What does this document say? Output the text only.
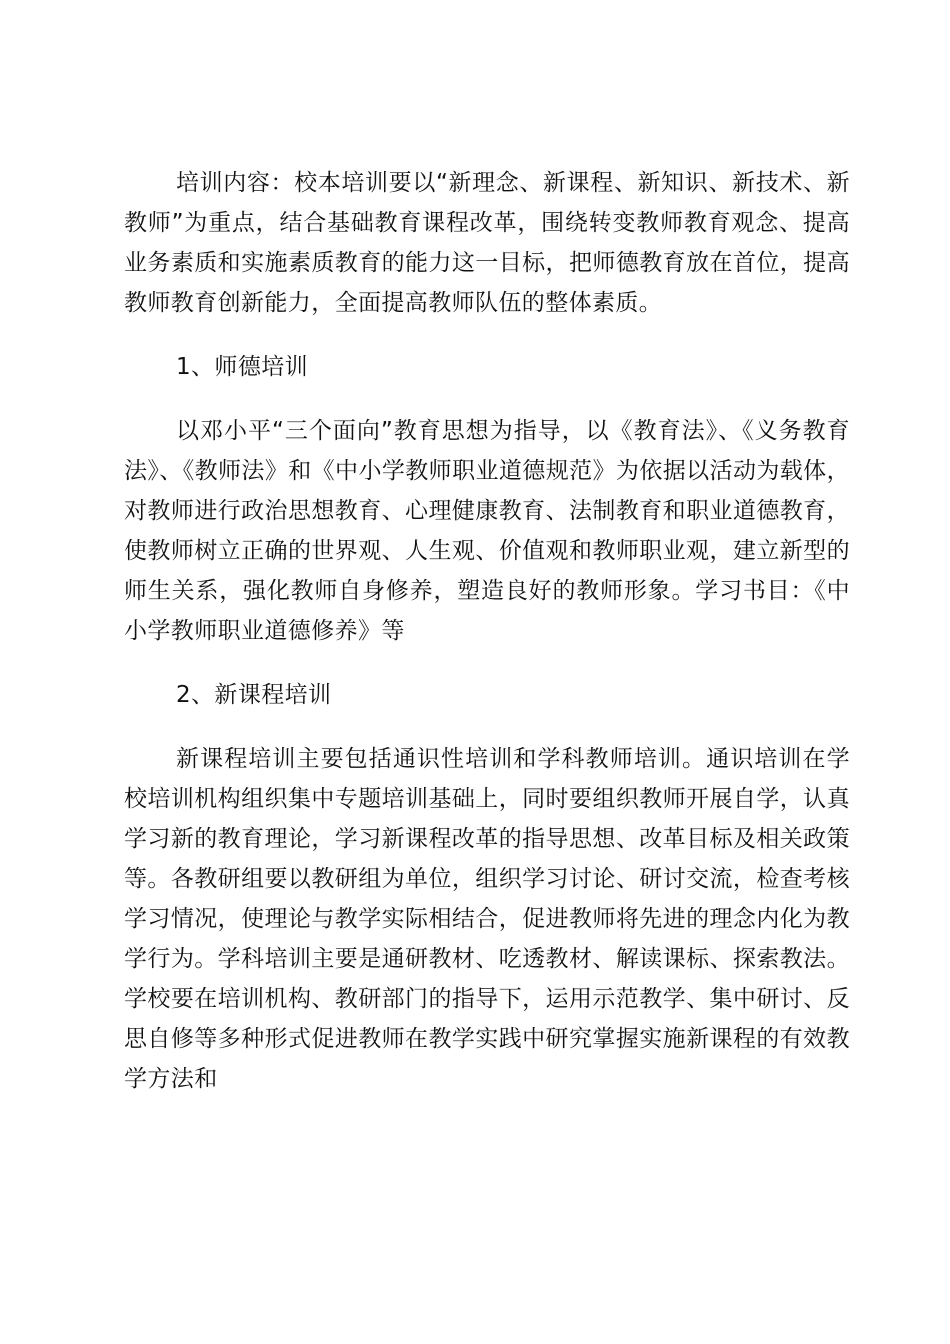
培训内容：校本培训要以“新理念、新课程、新知识、新技术、新教师”为重点，结合基础教育课程改革，围绕转变教师教育观念、提高业务素质和实施素质教育的能力这一目标，把师德教育放在首位，提高教师教育创新能力，全面提高教师队伍的整体素质。

1、师德培训

以邓小平“三个面向”教育思想为指导，以《教育法》、《义务教育法》、《教师法》和《中小学教师职业道德规范》为依据以活动为载体，对教师进行政治思想教育、心理健康教育、法制教育和职业道德教育，使教师树立正确的世界观、人生观、价值观和教师职业观，建立新型的师生关系，强化教师自身修养，塑造良好的教师形象。学习书目：《中小学教师职业道德修养》等

2、新课程培训

新课程培训主要包括通识性培训和学科教师培训。通识培训在学校培训机构组织集中专题培训基础上，同时要组织教师开展自学，认真学习新的教育理论，学习新课程改革的指导思想、改革目标及相关政策等。各教研组要以教研组为单位，组织学习讨论、研讨交流，检查考核学习情况，使理论与教学实际相结合，促进教师将先进的理念内化为教学行为。学科培训主要是通研教材、吃透教材、解读课标、探索教法。学校要在培训机构、教研部门的指导下，运用示范教学、集中研讨、反思自修等多种形式促进教师在教学实践中研究掌握实施新课程的有效教学方法和
